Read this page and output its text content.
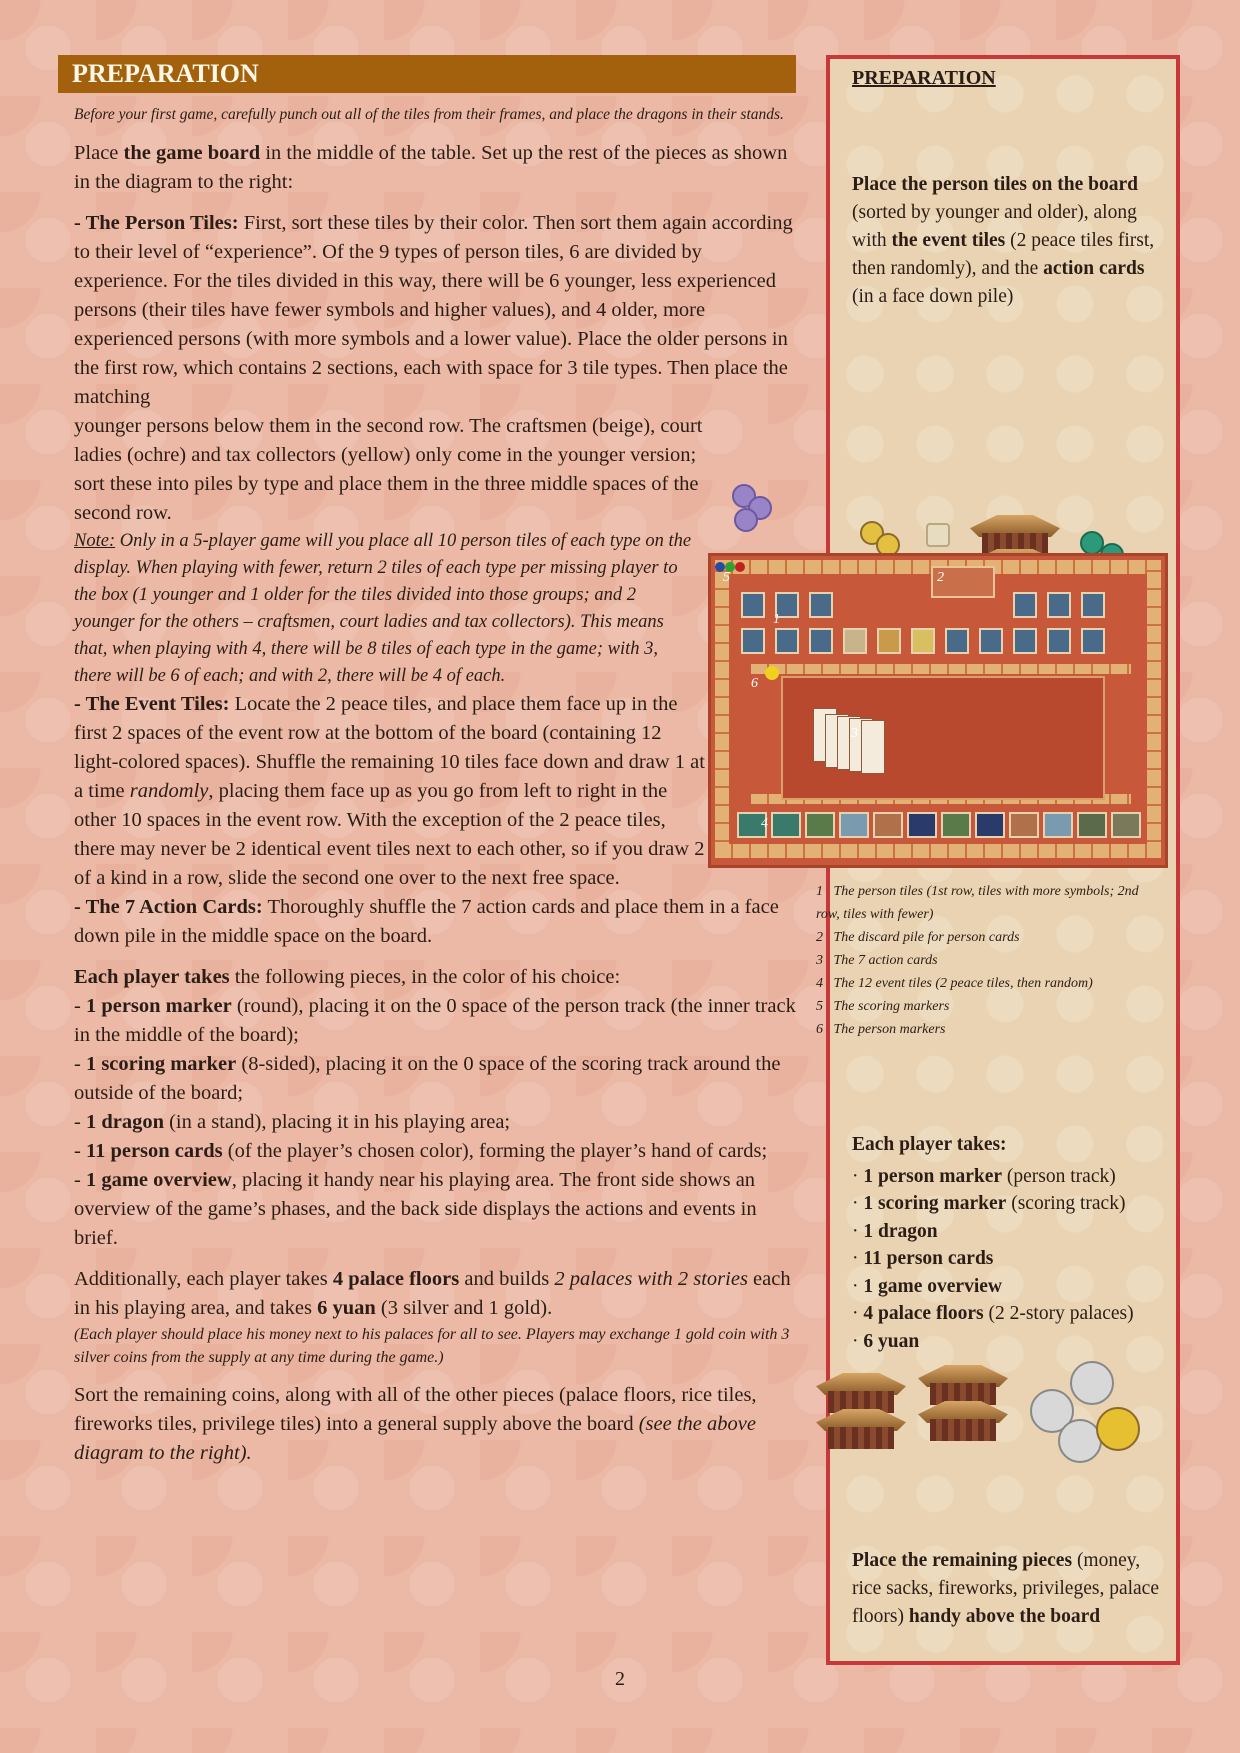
PREPARATION
Before your first game, carefully punch out all of the tiles from their frames, and place the dragons in their stands.

Place the game board in the middle of the table. Set up the rest of the pieces as shown in the diagram to the right:

- The Person Tiles: First, sort these tiles by their color. Then sort them again according to their level of “experience”. Of the 9 types of person tiles, 6 are divided by experience. For the tiles divided in this way, there will be 6 younger, less experienced persons (their tiles have fewer symbols and higher values), and 4 older, more experienced persons (with more symbols and a lower value). Place the older persons in the first row, which contains 2 sections, each with space for 3 tile types. Then place the matching

younger persons below them in the second row. The craftsmen (beige), court ladies (ochre) and tax collectors (yellow) only come in the younger version; sort these into piles by type and place them in the three middle spaces of the second row.

Note: Only in a 5-player game will you place all 10 person tiles of each type on the display. When playing with fewer, return 2 tiles of each type per missing player to the box (1 younger and 1 older for the tiles divided into those groups; and 2 younger for the others – craftsmen, court ladies and tax collectors). This means that, when playing with 4, there will be 8 tiles of each type in the game; with 3, there will be 6 of each; and with 2, there will be 4 of each.

- The Event Tiles: Locate the 2 peace tiles, and place them face up in the first 2 spaces of the event row at the bottom of the board (containing 12 light-colored spaces). Shuffle the remaining 10 tiles face down and draw 1 at a time randomly, placing them face up as you go from left to right in the other 10 spaces in the event row. With the exception of the 2 peace tiles, there may never be 2 identical event tiles next to each other, so if you draw 2 of a kind in a row, slide the second one over to the next free space.

- The 7 Action Cards: Thoroughly shuffle the 7 action cards and place them in a face down pile in the middle space on the board.

Each player takes the following pieces, in the color of his choice:

- 1 person marker (round), placing it on the 0 space of the person track (the inner track in the middle of the board);

- 1 scoring marker (8-sided), placing it on the 0 space of the scoring track around the outside of the board;

- 1 dragon (in a stand), placing it in his playing area;

- 11 person cards (of the player’s chosen color), forming the player’s hand of cards;

- 1 game overview, placing it handy near his playing area. The front side shows an overview of the game’s phases, and the back side displays the actions and events in brief.

Additionally, each player takes 4 palace floors and builds 2 palaces with 2 stories each in his playing area, and takes 6 yuan (3 silver and 1 gold).

(Each player should place his money next to his palaces for all to see. Players may exchange 1 gold coin with 3 silver coins from the supply at any time during the game.)

Sort the remaining coins, along with all of the other pieces (palace floors, rice tiles, fireworks tiles, privilege tiles) into a general supply above the board (see the above diagram to the right).

PREPARATION
Place the person tiles on the board (sorted by younger and older), along with the event tiles (2 peace tiles first, then randomly), and the action cards (in a face down pile)
1 The person tiles (1st row, tiles with more symbols; 2nd row, tiles with fewer)
2 The discard pile for person cards
3 The 7 action cards
4 The 12 event tiles (2 peace tiles, then random)
5 The scoring markers
6 The person markers
Each player takes:
· 1 person marker (person track)
· 1 scoring marker (scoring track)
· 1 dragon
· 11 person cards
· 1 game overview
· 4 palace floors (2 2-story palaces)
· 6 yuan
Place the remaining pieces (money, rice sacks, fireworks, privileges, palace floors) handy above the board
1
2
3
4
5
6
2
